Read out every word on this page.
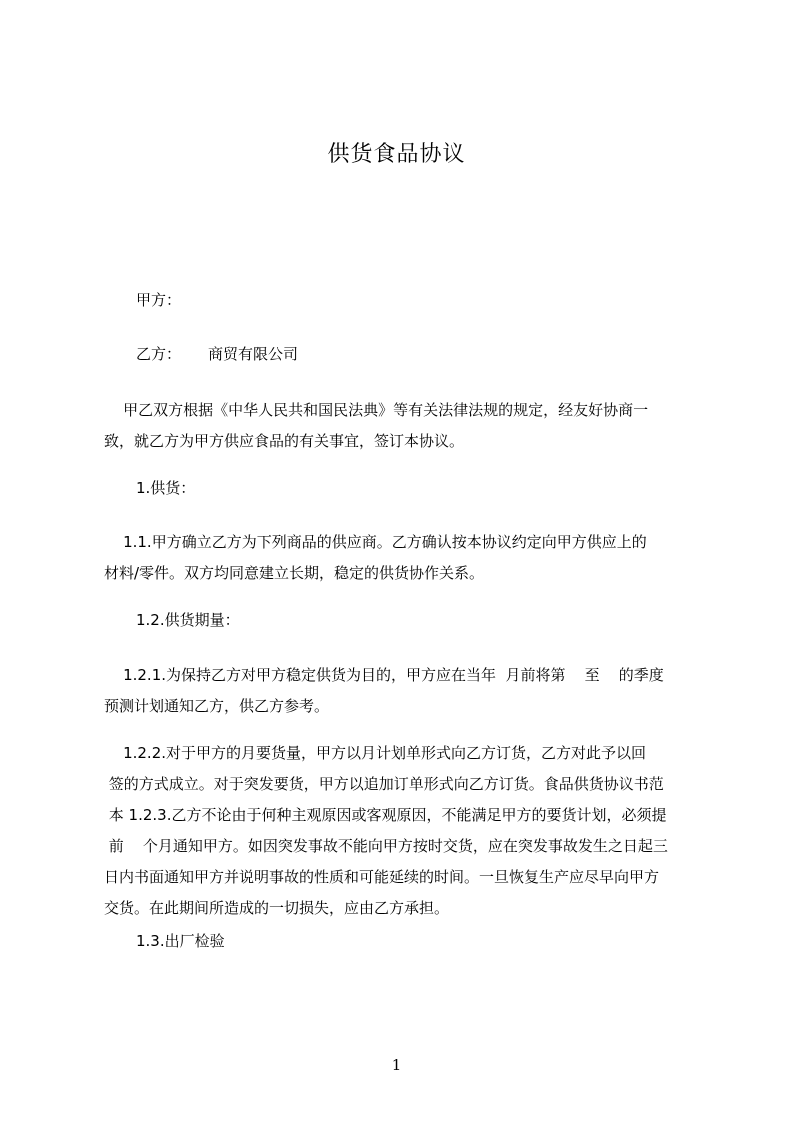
供货食品协议
甲方：
乙方： 商贸有限公司
甲乙双方根据《中华人民共和国民法典》等有关法律法规的规定，经友好协商一
致，就乙方为甲方供应食品的有关事宜，签订本协议。
1.供货：
1.1.甲方确立乙方为下列商品的供应商。乙方确认按本协议约定向甲方供应上的
材料/零件。双方均同意建立长期，稳定的供货协作关系。
1.2.供货期量：
1.2.1.为保持乙方对甲方稳定供货为目的，甲方应在当年  月前将第    至    的季度
预测计划通知乙方，供乙方参考。
1.2.2.对于甲方的月要货量，甲方以月计划单形式向乙方订货，乙方对此予以回
签的方式成立。对于突发要货，甲方以追加订单形式向乙方订货。食品供货协议书范
本 1.2.3.乙方不论由于何种主观原因或客观原因，不能满足甲方的要货计划，必须提
前    个月通知甲方。如因突发事故不能向甲方按时交货，应在突发事故发生之日起三
日内书面通知甲方并说明事故的性质和可能延续的时间。一旦恢复生产应尽早向甲方
交货。在此期间所造成的一切损失，应由乙方承担。
1.3.出厂检验
1
